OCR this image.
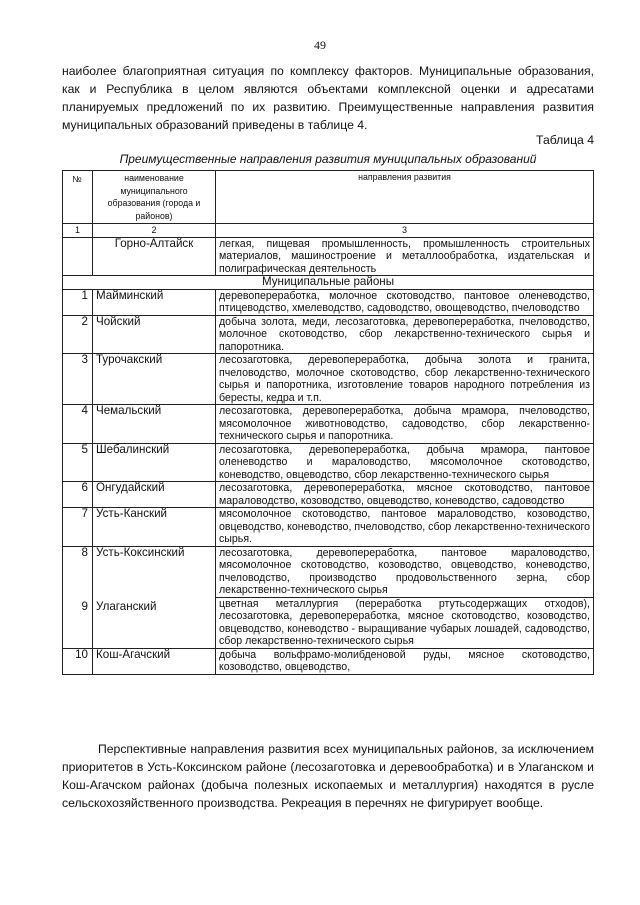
49

наиболее благоприятная ситуация по комплексу факторов. Муниципальные образования, как и Республика в целом являются объектами комплексной оценки и адресатами планируемых предложений по их развитию. Преимущественные направления развития муниципальных образований приведены в таблице 4.

Таблица 4
Преимущественные направления развития муниципальных образований
№	наименование муниципального образования (города и районов)	направления развития
1	2	3
	Горно-Алтайск	легкая, пищевая промышленность, промышленность строительных материалов, машиностроение и металлообработка, издательская и полиграфическая деятельность
Муниципальные районы		
1	Майминский	деревопереработка, молочное скотоводство, пантовое оленеводство, птицеводство, хмелеводство, садоводство, овощеводство, пчеловодство
2	Чойский	добыча золота, меди, лесозаготовка, деревопереработка, пчеловодство, молочное скотоводство, сбор лекарственно-технического сырья и папоротника.
3	Турочакский	лесозаготовка, деревопереработка, добыча золота и гранита, пчеловодство, молочное скотоводство, сбор лекарственно-технического сырья и папоротника, изготовление товаров народного потребления из бересты, кедра и т.п.
4	Чемальский	лесозаготовка, деревопереработка, добыча мрамора, пчеловодство, мясомолочное животноводство, садоводство, сбор лекарственно-технического сырья и папоротника.
5	Шебалинский	лесозаготовка, деревопереработка, добыча мрамора, пантовое оленеводство и мараловодство, мясомолочное скотоводство, коневодство, овцеводство, сбор лекарственно-технического сырья
6	Онгудайский	лесозаготовка, деревопереработка, мясное скотоводство, пантовое мараловодство, козоводство, овцеводство, коневодство, садоводство
7	Усть-Канский	мясомолочное скотоводство, пантовое мараловодство, козоводство, овцеводство, коневодство, пчеловодство, сбор лекарственно-технического сырья.
8	Усть-Коксинский	лесозаготовка, деревопереработка, пантовое мараловодство, мясомолочное скотоводство, козоводство, овцеводство, коневодство, пчеловодство, производство продовольственного зерна, сбор лекарственно-технического сырья
9	Улаганский	цветная металлургия (переработка ртутьсодержащих отходов), лесозаготовка, деревопереработка, мясное скотоводство, козоводство, овцеводство, коневодство - выращивание чубарых лошадей, садоводство, сбор лекарственно-технического сырья
10	Кош-Агачский	добыча вольфрамо-молибденовой руды, мясное скотоводство, козоводство, овцеводство,

Перспективные направления развития всех муниципальных районов, за исключением приоритетов в Усть-Коксинском районе (лесозаготовка и деревообработка) и в Улаганском и Кош-Агачском районах (добыча полезных ископаемых и металлургия) находятся в русле сельскохозяйственного производства. Рекреация в перечнях не фигурирует вообще.
